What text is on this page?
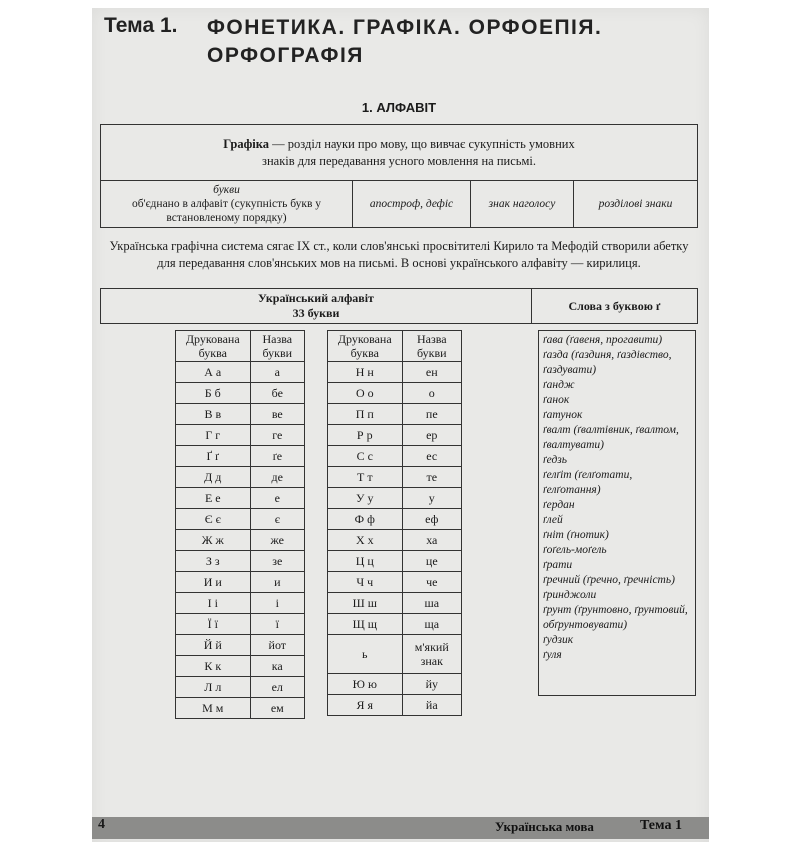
Тема 1. ФОНЕТИКА. ГРАФІКА. ОРФОЕПІЯ. ОРФОГРАФІЯ
1. АЛФАВІТ
Графіка — розділ науки про мову, що вивчає сукупність умовних знаків для передавання усного мовлення на письмі.
букви
об'єднано в алфавіт (сукупність букв у встановленому порядку)
апостроф, дефіс	знак наголосу	розділові знаки
Українська графічна система сягає ІХ ст., коли слов'янські просвітителі Кирило та Мефодій створили абетку для передавання слов'янських мов на письмі. В основі українського алфавіту — кирилиця.
Український алфавіт
33 букви
Слова з буквою ґ
Друкована буква	Назва букви
А а	а
Б б	бе
В в	ве
Г г	ге
Ґ ґ	ґе
Д д	де
Е е	е
Є є	є
Ж ж	же
З з	зе
И и	и
І і	і
Ї ї	ї
Й й	йот
К к	ка
Л л	ел
М м	ем
Друкована буква	Назва букви
Н н	ен
О о	о
П п	пе
Р р	ер
С с	ес
Т т	те
У у	у
Ф ф	еф
Х х	ха
Ц ц	це
Ч ч	че
Ш ш	ша
Щ щ	ща
ь	м'який знак
Ю ю	йу
Я я	йа
ґава (ґавеня, прогавити)
ґазда (ґаздиня, ґаздівство, ґаздувати)
ґандж
ґанок
ґатунок
ґвалт (ґвалтівник, ґвалтом, ґвалтувати)
ґедзь
ґелґіт (ґелґотати, ґелґотання)
ґердан
ґлей
ґніт (ґнотик)
ґоґель-моґель
ґрати
ґречний (ґречно, ґречність)
ґринджоли
ґрунт (ґрунтовно, ґрунтовий, обґрунтовувати)
ґудзик
ґуля
4	Українська мова	Тема 1
